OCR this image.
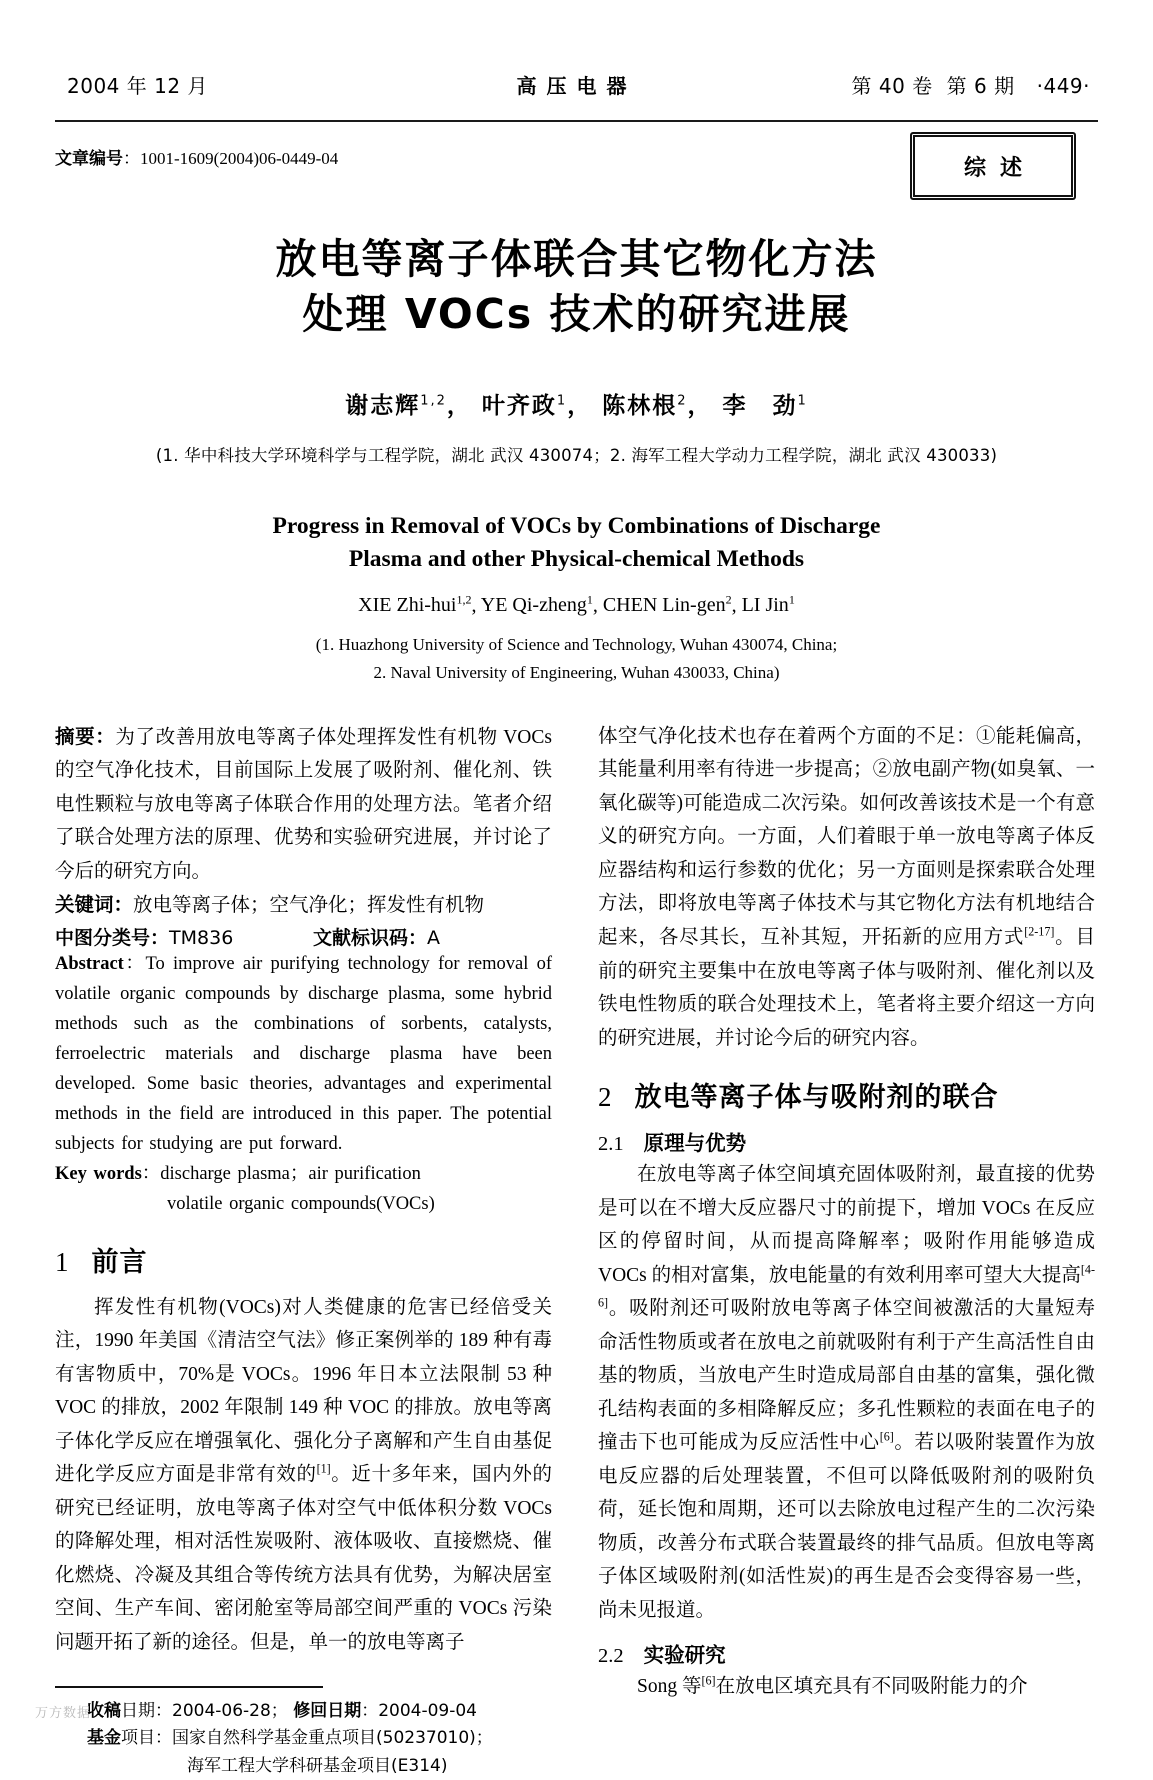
2004 年 12 月	高压电器	第 40 卷 第 6 期 ·449·
文章编号：1001-1609(2004)06-0449-04	综述
放电等离子体联合其它物化方法
处理 VOCs 技术的研究进展
谢志辉$^{1,2}$， 叶齐政$^1$， 陈林根$^2$， 李　劲$^1$
(1. 华中科技大学环境科学与工程学院，湖北 武汉 430074；2. 海军工程大学动力工程学院，湖北 武汉 430033)
Progress in Removal of VOCs by Combinations of Discharge
Plasma and other Physical-chemical Methods
XIE Zhi-hui$^{1,2}$, YE Qi-zheng$^1$, CHEN Lin-gen$^2$, LI Jin$^1$
(1. Huazhong University of Science and Technology, Wuhan 430074, China;
2. Naval University of Engineering, Wuhan 430033, China)

摘要：为了改善用放电等离子体处理挥发性有机物 VOCs 的空气净化技术，目前国际上发展了吸附剂、催化剂、铁电性颗粒与放电等离子体联合作用的处理方法。笔者介绍了联合处理方法的原理、优势和实验研究进展，并讨论了今后的研究方向。

关键词：放电等离子体；空气净化；挥发性有机物

中图分类号：TM836	文献标识码：A

Abstract：To improve air purifying technology for removal of volatile organic compounds by discharge plasma, some hybrid methods such as the combinations of sorbents, catalysts, ferroelectric materials and discharge plasma have been developed. Some basic theories, advantages and experimental methods in the field are introduced in this paper. The potential subjects for studying are put forward.

Key words：discharge plasma；air purification

volatile organic compounds(VOCs)

1 前言

挥发性有机物(VOCs)对人类健康的危害已经倍受关注，1990 年美国《清洁空气法》修正案例举的 189 种有毒有害物质中，70%是 VOCs。1996 年日本立法限制 53 种 VOC 的排放，2002 年限制 149 种 VOC 的排放。放电等离子体化学反应在增强氧化、强化分子离解和产生自由基促进化学反应方面是非常有效的[1]。近十多年来，国内外的研究已经证明，放电等离子体对空气中低体积分数 VOCs 的降解处理，相对活性炭吸附、液体吸收、直接燃烧、催化燃烧、冷凝及其组合等传统方法具有优势，为解决居室空间、生产车间、密闭舱室等局部空间严重的 VOCs 污染问题开拓了新的途径。但是，单一的放电等离子

收稿日期：2004-06-28； 修回日期：2004-09-04

基金项目：国家自然科学基金重点项目(50237010)；

海军工程大学科研基金项目(E314)

体空气净化技术也存在着两个方面的不足：①能耗偏高，其能量利用率有待进一步提高；②放电副产物(如臭氧、一氧化碳等)可能造成二次污染。如何改善该技术是一个有意义的研究方向。一方面，人们着眼于单一放电等离子体反应器结构和运行参数的优化；另一方面则是探索联合处理方法，即将放电等离子体技术与其它物化方法有机地结合起来，各尽其长，互补其短，开拓新的应用方式[2-17]。目前的研究主要集中在放电等离子体与吸附剂、催化剂以及铁电性物质的联合处理技术上，笔者将主要介绍这一方向的研究进展，并讨论今后的研究内容。

2 放电等离子体与吸附剂的联合
2.1 原理与优势

在放电等离子体空间填充固体吸附剂，最直接的优势是可以在不增大反应器尺寸的前提下，增加 VOCs 在反应区的停留时间，从而提高降解率；吸附作用能够造成 VOCs 的相对富集，放电能量的有效利用率可望大大提高[4-6]。吸附剂还可吸附放电等离子体空间被激活的大量短寿命活性物质或者在放电之前就吸附有利于产生高活性自由基的物质，当放电产生时造成局部自由基的富集，强化微孔结构表面的多相降解反应；多孔性颗粒的表面在电子的撞击下也可能成为反应活性中心[6]。若以吸附装置作为放电反应器的后处理装置，不但可以降低吸附剂的吸附负荷，延长饱和周期，还可以去除放电过程产生的二次污染物质，改善分布式联合装置最终的排气品质。但放电等离子体区域吸附剂(如活性炭)的再生是否会变得容易一些，尚未见报道。

2.2 实验研究

Song 等[6]在放电区填充具有不同吸附能力的介

万方数据
